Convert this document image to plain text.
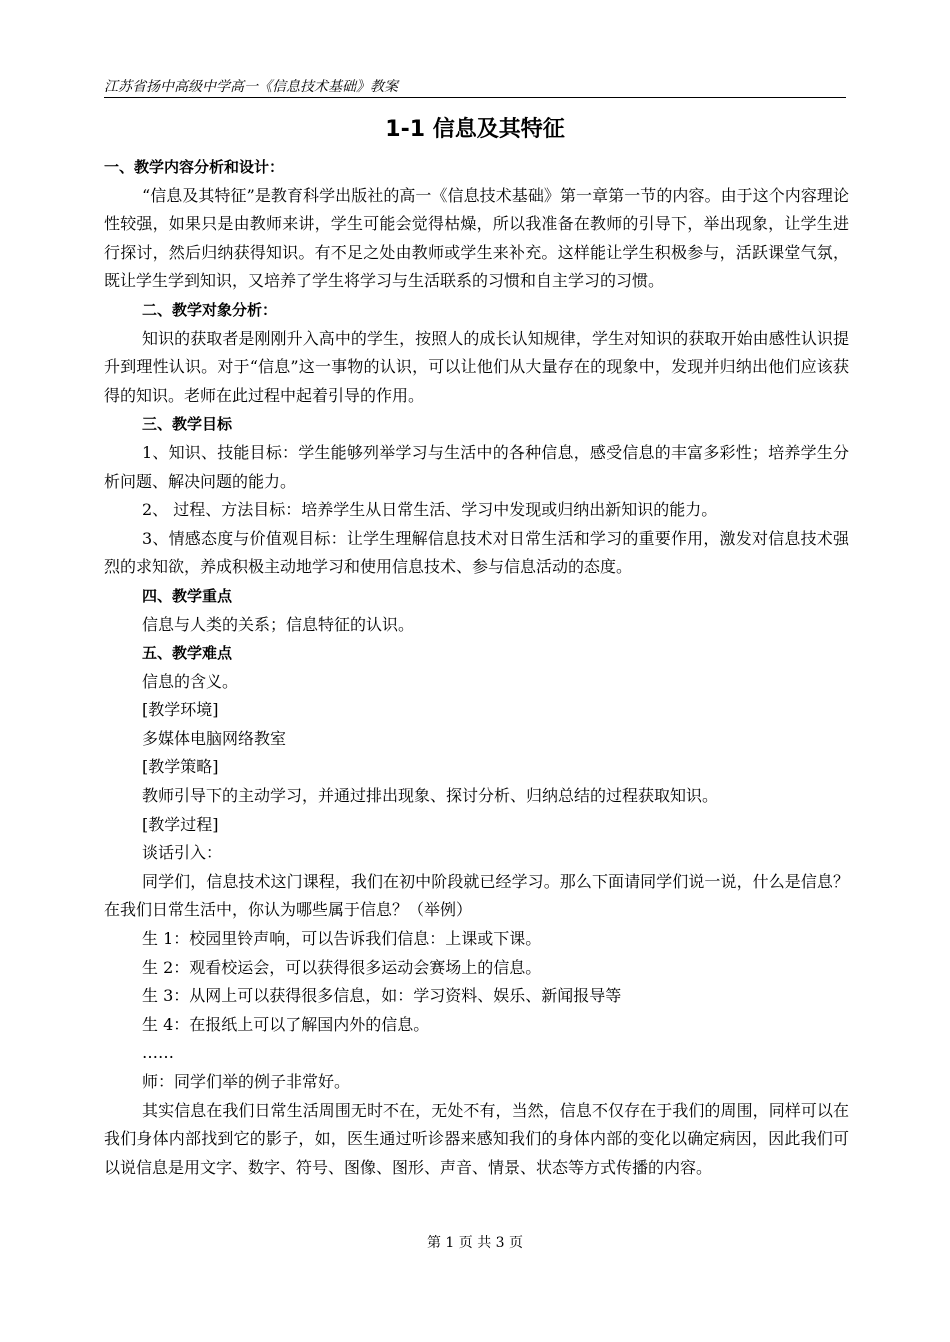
江苏省扬中高级中学高一《信息技术基础》教案
1-1 信息及其特征

一、教学内容分析和设计：

“信息及其特征”是教育科学出版社的高一《信息技术基础》第一章第一节的内容。由于这个内容理论性较强，如果只是由教师来讲，学生可能会觉得枯燥，所以我准备在教师的引导下，举出现象，让学生进行探讨，然后归纳获得知识。有不足之处由教师或学生来补充。这样能让学生积极参与，活跃课堂气氛，既让学生学到知识，又培养了学生将学习与生活联系的习惯和自主学习的习惯。

二、教学对象分析：

知识的获取者是刚刚升入高中的学生，按照人的成长认知规律，学生对知识的获取开始由感性认识提升到理性认识。对于“信息”这一事物的认识，可以让他们从大量存在的现象中，发现并归纳出他们应该获得的知识。老师在此过程中起着引导的作用。

三、教学目标

1、知识、技能目标：学生能够列举学习与生活中的各种信息，感受信息的丰富多彩性；培养学生分析问题、解决问题的能力。

2、 过程、方法目标：培养学生从日常生活、学习中发现或归纳出新知识的能力。

3、情感态度与价值观目标：让学生理解信息技术对日常生活和学习的重要作用，激发对信息技术强烈的求知欲，养成积极主动地学习和使用信息技术、参与信息活动的态度。

四、教学重点

信息与人类的关系；信息特征的认识。

五、教学难点

信息的含义。

[教学环境]

多媒体电脑网络教室

[教学策略]

教师引导下的主动学习，并通过排出现象、探讨分析、归纳总结的过程获取知识。

[教学过程]

谈话引入：

同学们，信息技术这门课程，我们在初中阶段就已经学习。那么下面请同学们说一说，什么是信息？在我们日常生活中，你认为哪些属于信息？（举例）

生 1：校园里铃声响，可以告诉我们信息：上课或下课。

生 2：观看校运会，可以获得很多运动会赛场上的信息。

生 3：从网上可以获得很多信息，如：学习资料、娱乐、新闻报导等

生 4：在报纸上可以了解国内外的信息。

……

师：同学们举的例子非常好。

其实信息在我们日常生活周围无时不在，无处不有，当然，信息不仅存在于我们的周围，同样可以在我们身体内部找到它的影子，如，医生通过听诊器来感知我们的身体内部的变化以确定病因，因此我们可以说信息是用文字、数字、符号、图像、图形、声音、情景、状态等方式传播的内容。

第 1 页 共 3 页
